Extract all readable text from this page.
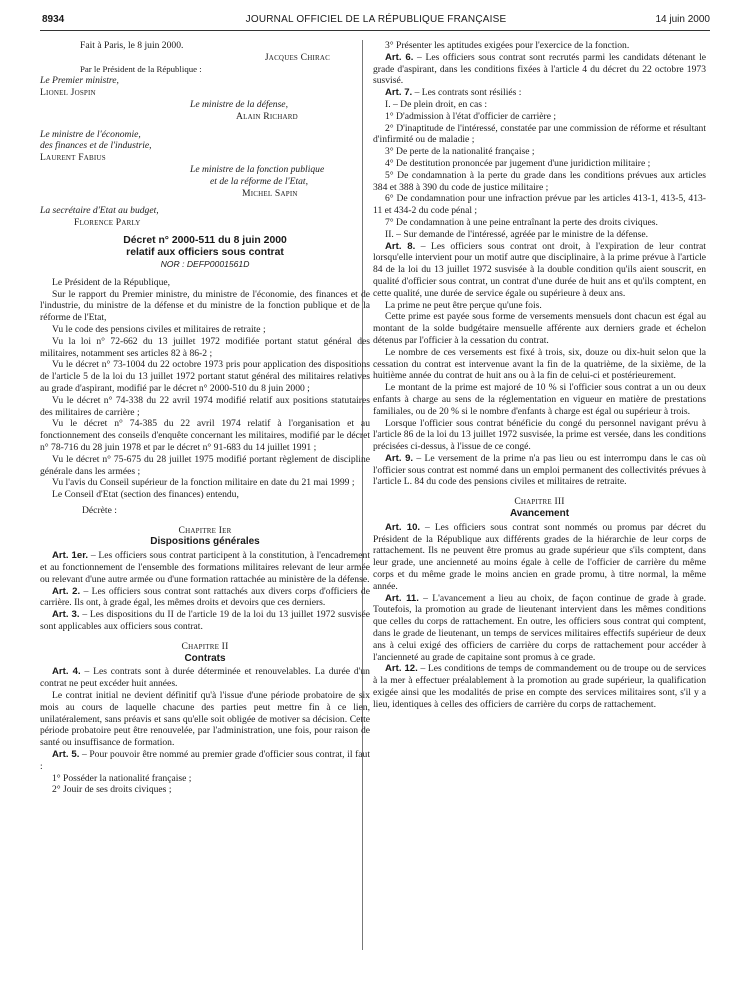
8934	JOURNAL OFFICIEL DE LA RÉPUBLIQUE FRANÇAISE	14 juin 2000
Fait à Paris, le 8 juin 2000.
Jacques Chirac
Par le Président de la République :
Le Premier ministre,
Lionel Jospin
Le ministre de la défense,
Alain Richard
Le ministre de l'économie,
des finances et de l'industrie,
Laurent Fabius
Le ministre de la fonction publique
et de la réforme de l'Etat,
Michel Sapin
La secrétaire d'Etat au budget,
Florence Parly
Décret n° 2000-511 du 8 juin 2000
relatif aux officiers sous contrat
NOR : DEFP0001561D

Le Président de la République,

Sur le rapport du Premier ministre, du ministre de l'économie, des finances et de l'industrie, du ministre de la défense et du ministre de la fonction publique et de la réforme de l'Etat,

Vu le code des pensions civiles et militaires de retraite ;

Vu la loi n° 72-662 du 13 juillet 1972 modifiée portant statut général des militaires, notamment ses articles 82 à 86-2 ;

Vu le décret n° 73-1004 du 22 octobre 1973 pris pour application des dispositions de l'article 5 de la loi du 13 juillet 1972 portant statut général des militaires relatives au grade d'aspirant, modifié par le décret n° 2000-510 du 8 juin 2000 ;

Vu le décret n° 74-338 du 22 avril 1974 modifié relatif aux positions statutaires des militaires de carrière ;

Vu le décret n° 74-385 du 22 avril 1974 relatif à l'organisation et au fonctionnement des conseils d'enquête concernant les militaires, modifié par le décret n° 78-716 du 28 juin 1978 et par le décret n° 91-683 du 14 juillet 1991 ;

Vu le décret n° 75-675 du 28 juillet 1975 modifié portant règlement de discipline générale dans les armées ;

Vu l'avis du Conseil supérieur de la fonction militaire en date du 21 mai 1999 ;

Le Conseil d'Etat (section des finances) entendu,

Décrète :

Chapitre Ier
Dispositions générales

Art. 1er. – Les officiers sous contrat participent à la constitution, à l'encadrement et au fonctionnement de l'ensemble des formations militaires relevant de leur armée ou relevant d'une autre armée ou d'une formation rattachée au ministère de la défense.

Art. 2. – Les officiers sous contrat sont rattachés aux divers corps d'officiers de carrière. Ils ont, à grade égal, les mêmes droits et devoirs que ces derniers.

Art. 3. – Les dispositions du II de l'article 19 de la loi du 13 juillet 1972 susvisée sont applicables aux officiers sous contrat.

Chapitre II
Contrats

Art. 4. – Les contrats sont à durée déterminée et renouvelables. La durée d'un contrat ne peut excéder huit années.

Le contrat initial ne devient définitif qu'à l'issue d'une période probatoire de six mois au cours de laquelle chacune des parties peut mettre fin à ce lien, unilatéralement, sans préavis et sans qu'elle soit obligée de motiver sa décision. Cette période probatoire peut être renouvelée, par l'administration, une fois, pour raison de santé ou insuffisance de formation.

Art. 5. – Pour pouvoir être nommé au premier grade d'officier sous contrat, il faut :

1° Posséder la nationalité française ;

2° Jouir de ses droits civiques ;

3° Présenter les aptitudes exigées pour l'exercice de la fonction.

Art. 6. – Les officiers sous contrat sont recrutés parmi les candidats détenant le grade d'aspirant, dans les conditions fixées à l'article 4 du décret du 22 octobre 1973 susvisé.

Art. 7. – Les contrats sont résiliés :

I. – De plein droit, en cas :

1° D'admission à l'état d'officier de carrière ;

2° D'inaptitude de l'intéressé, constatée par une commission de réforme et résultant d'infirmité ou de maladie ;

3° De perte de la nationalité française ;

4° De destitution prononcée par jugement d'une juridiction militaire ;

5° De condamnation à la perte du grade dans les conditions prévues aux articles 384 et 388 à 390 du code de justice militaire ;

6° De condamnation pour une infraction prévue par les articles 413-1, 413-5, 413-11 et 434-2 du code pénal ;

7° De condamnation à une peine entraînant la perte des droits civiques.

II. – Sur demande de l'intéressé, agréée par le ministre de la défense.

Art. 8. – Les officiers sous contrat ont droit, à l'expiration de leur contrat lorsqu'elle intervient pour un motif autre que disciplinaire, à la prime prévue à l'article 84 de la loi du 13 juillet 1972 susvisée à la double condition qu'ils aient souscrit, en qualité d'officier sous contrat, un contrat d'une durée de huit ans et qu'ils comptent, en cette qualité, une durée de service égale ou supérieure à deux ans.

La prime ne peut être perçue qu'une fois.

Cette prime est payée sous forme de versements mensuels dont chacun est égal au montant de la solde budgétaire mensuelle afférente aux derniers grade et échelon détenus par l'officier à la cessation du contrat.

Le nombre de ces versements est fixé à trois, six, douze ou dix-huit selon que la cessation du contrat est intervenue avant la fin de la quatrième, de la sixième, de la huitième année du contrat de huit ans ou à la fin de celui-ci et postérieurement.

Le montant de la prime est majoré de 10 % si l'officier sous contrat a un ou deux enfants à charge au sens de la réglementation en vigueur en matière de prestations familiales, ou de 20 % si le nombre d'enfants à charge est égal ou supérieur à trois.

Lorsque l'officier sous contrat bénéficie du congé du personnel navigant prévu à l'article 86 de la loi du 13 juillet 1972 susvisée, la prime est versée, dans les conditions précisées ci-dessus, à l'issue de ce congé.

Art. 9. – Le versement de la prime n'a pas lieu ou est interrompu dans le cas où l'officier sous contrat est nommé dans un emploi permanent des collectivités prévues à l'article L. 84 du code des pensions civiles et militaires de retraite.

Chapitre III
Avancement

Art. 10. – Les officiers sous contrat sont nommés ou promus par décret du Président de la République aux différents grades de la hiérarchie de leur corps de rattachement. Ils ne peuvent être promus au grade supérieur que s'ils comptent, dans leur grade, une ancienneté au moins égale à celle de l'officier de carrière du même corps et du même grade le moins ancien en grade promu, à titre normal, la même année.

Art. 11. – L'avancement a lieu au choix, de façon continue de grade à grade. Toutefois, la promotion au grade de lieutenant intervient dans les mêmes conditions que celles du corps de rattachement. En outre, les officiers sous contrat qui comptent, dans le grade de lieutenant, un temps de services militaires effectifs supérieur de deux ans à celui exigé des officiers de carrière du corps de rattachement pour accéder à l'ancienneté au grade de capitaine sont promus à ce grade.

Art. 12. – Les conditions de temps de commandement ou de troupe ou de services à la mer à effectuer préalablement à la promotion au grade supérieur, la qualification exigée ainsi que les modalités de prise en compte des services militaires sont, s'il y a lieu, identiques à celles des officiers de carrière du corps de rattachement.
